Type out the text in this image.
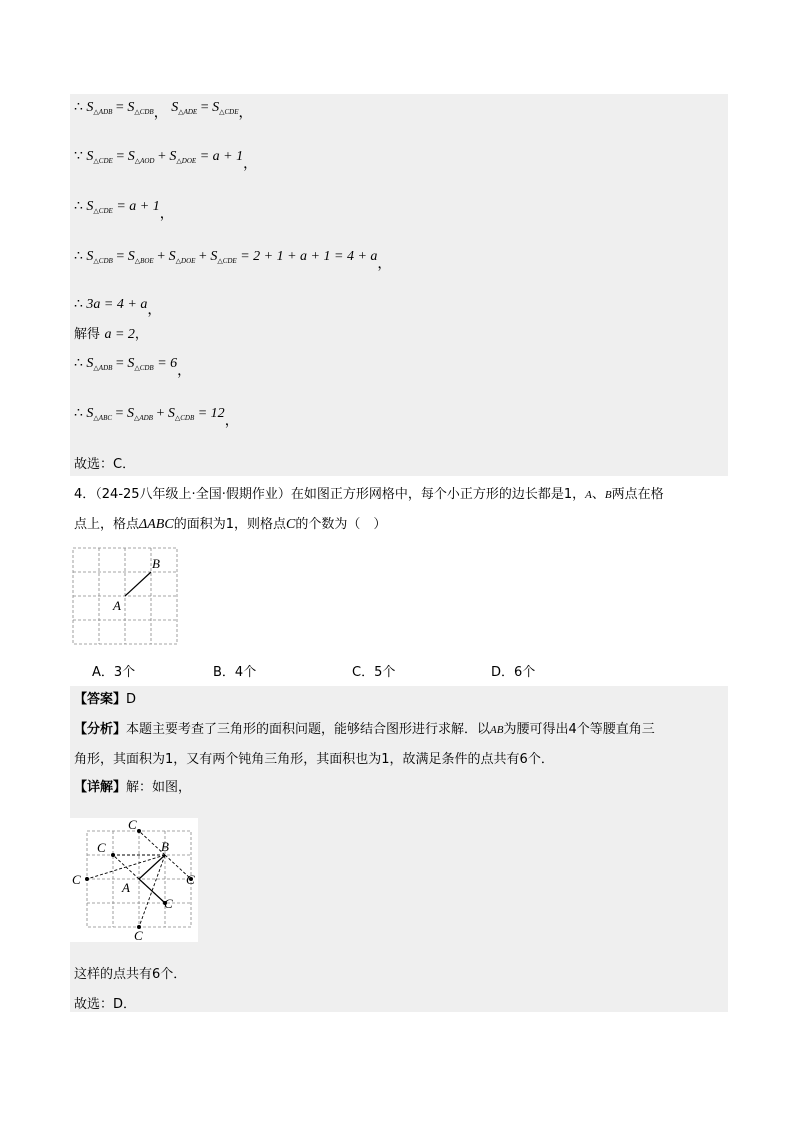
∴ $S_{\triangle ADB} = S_{\triangle CDB}$， $S_{\triangle ADE} = S_{\triangle CDE}$，
∵ $S_{\triangle CDE} = S_{\triangle AOD} + S_{\triangle DOE} = a + 1$，
∴ $S_{\triangle CDE} = a + 1$，
∴ $S_{\triangle CDB} = S_{\triangle BOE} + S_{\triangle DOE} + S_{\triangle CDE} = 2 + 1 + a + 1 = 4 + a$，
∴ 3a = 4 + a，
解得 a = 2，
∴ $S_{\triangle ADB} = S_{\triangle CDB} = 6$，
∴ $S_{\triangle ABC} = S_{\triangle ADB} + S_{\triangle CDB} = 12$，
故选：C．
4．（24-25八年级上·全国·假期作业）在如图正方形网格中，每个小正方形的边长都是1，A、B两点在格
点上，格点ΔABC的面积为1，则格点C的个数为（　）
A
B
A．3个	B．4个	C．5个	D．6个
【答案】D
【分析】本题主要考查了三角形的面积问题，能够结合图形进行求解．以AB为腰可得出4个等腰直角三
角形，其面积为1，又有两个钝角三角形，其面积也为1，故满足条件的点共有6个．
【详解】解：如图，
C
C
C	C
C
C
A
B
这样的点共有6个．
故选：D．
